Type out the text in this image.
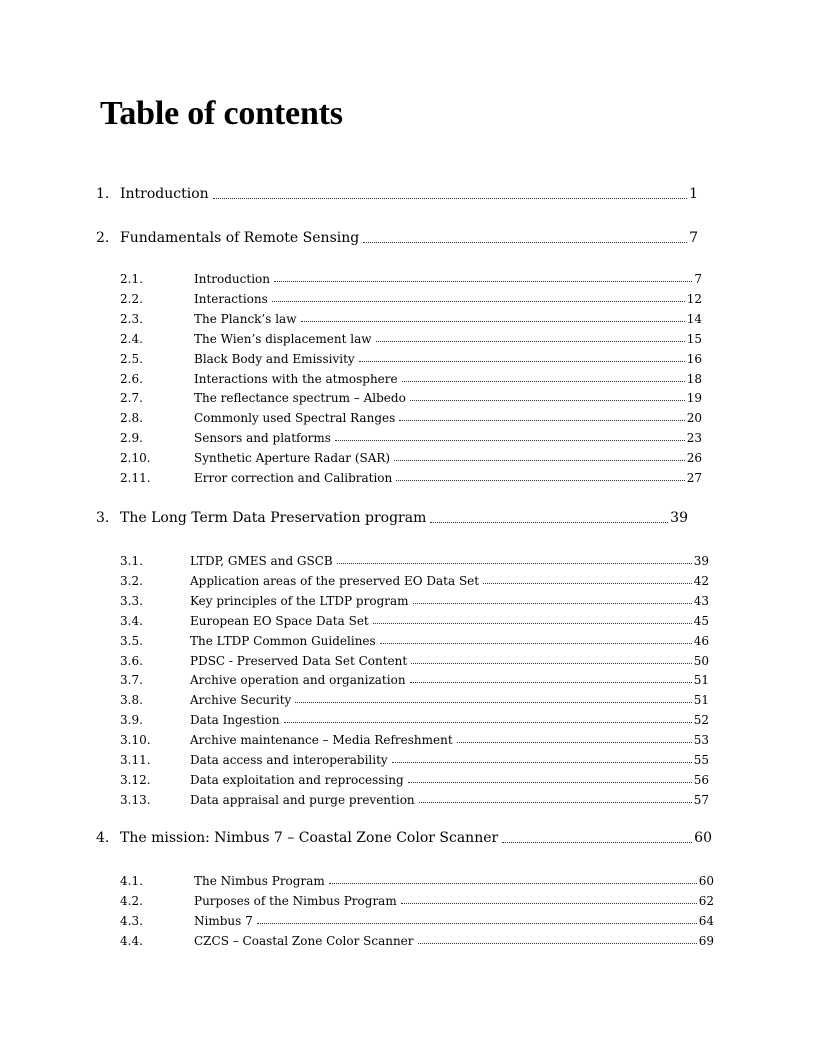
Table of contents
1. Introduction	1
2. Fundamentals of Remote Sensing	7
2.1.	Introduction	7
2.2.	Interactions	12
2.3.	The Planck’s law	14
2.4.	The Wien’s displacement law	15
2.5.	Black Body and Emissivity	16
2.6.	Interactions with the atmosphere	18
2.7.	The reflectance spectrum – Albedo	19
2.8.	Commonly used Spectral Ranges	20
2.9.	Sensors and platforms	23
2.10.	Synthetic Aperture Radar (SAR)	26
2.11.	Error correction and Calibration	27
3. The Long Term Data Preservation program	39
3.1.	LTDP, GMES and GSCB	39
3.2.	Application areas of the preserved EO Data Set	42
3.3.	Key principles of the LTDP program	43
3.4.	European EO Space Data Set	45
3.5.	The LTDP Common Guidelines	46
3.6.	PDSC - Preserved Data Set Content	50
3.7.	Archive operation and organization	51
3.8.	Archive Security	51
3.9.	Data Ingestion	52
3.10.	Archive maintenance – Media Refreshment	53
3.11.	Data access and interoperability	55
3.12.	Data exploitation and reprocessing	56
3.13.	Data appraisal and purge prevention	57
4. The mission: Nimbus 7 – Coastal Zone Color Scanner	60
4.1.	The Nimbus Program	60
4.2.	Purposes of the Nimbus Program	62
4.3.	Nimbus 7	64
4.4.	CZCS – Coastal Zone Color Scanner	69
